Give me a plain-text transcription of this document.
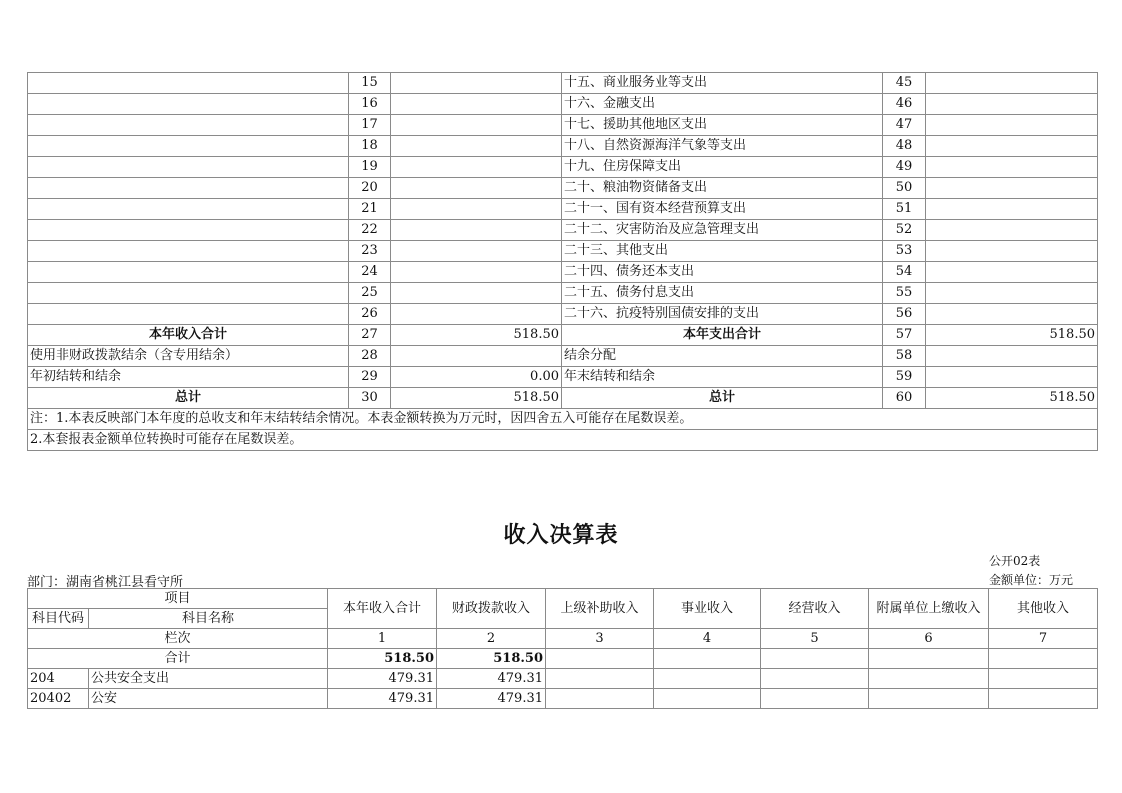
	15		十五、商业服务业等支出	45	
	16		十六、金融支出	46	
	17		十七、援助其他地区支出	47	
	18		十八、自然资源海洋气象等支出	48	
	19		十九、住房保障支出	49	
	20		二十、粮油物资储备支出	50	
	21		二十一、国有资本经营预算支出	51	
	22		二十二、灾害防治及应急管理支出	52	
	23		二十三、其他支出	53	
	24		二十四、债务还本支出	54	
	25		二十五、债务付息支出	55	
	26		二十六、抗疫特别国债安排的支出	56	
本年收入合计	27	518.50	本年支出合计	57	518.50
使用非财政拨款结余（含专用结余）	28		结余分配	58	
年初结转和结余	29	0.00	年末结转和结余	59	
总计	30	518.50	总计	60	518.50
注：1.本表反映部门本年度的总收支和年末结转结余情况。本表金额转换为万元时，因四舍五入可能存在尾数误差。					
2.本套报表金额单位转换时可能存在尾数误差。					
收入决算表
公开02表
部门：湖南省桃江县看守所	金额单位：万元
项目		本年收入合计	财政拨款收入	上级补助收入	事业收入	经营收入	附属单位上缴收入	其他收入
科目代码	科目名称							
栏次		1	2	3	4	5	6	7
合计		518.50	518.50					
204	公共安全支出	479.31	479.31					
20402	公安	479.31	479.31					
